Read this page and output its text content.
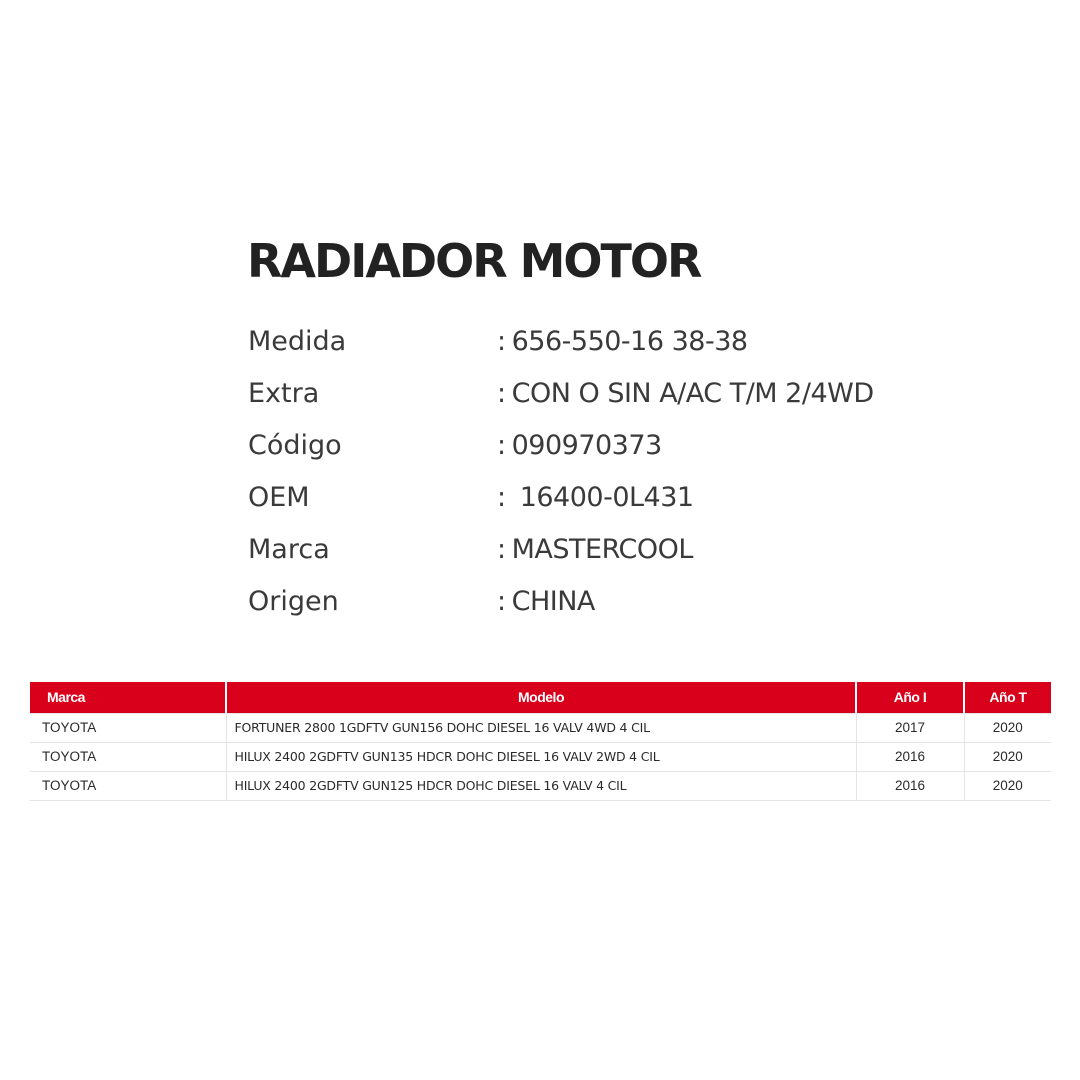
RADIADOR MOTOR
Medida	: 656-550-16 38-38
Extra	: CON O SIN A/AC T/M 2/4WD
Código	: 090970373
OEM	: 16400-0L431
Marca	: MASTERCOOL
Origen	: CHINA
Marca	Modelo	Año I	Año T
TOYOTA	FORTUNER 2800 1GDFTV GUN156 DOHC DIESEL 16 VALV 4WD 4 CIL	2017	2020
TOYOTA	HILUX 2400 2GDFTV GUN135 HDCR DOHC DIESEL 16 VALV 2WD 4 CIL	2016	2020
TOYOTA	HILUX 2400 2GDFTV GUN125 HDCR DOHC DIESEL 16 VALV 4 CIL	2016	2020
